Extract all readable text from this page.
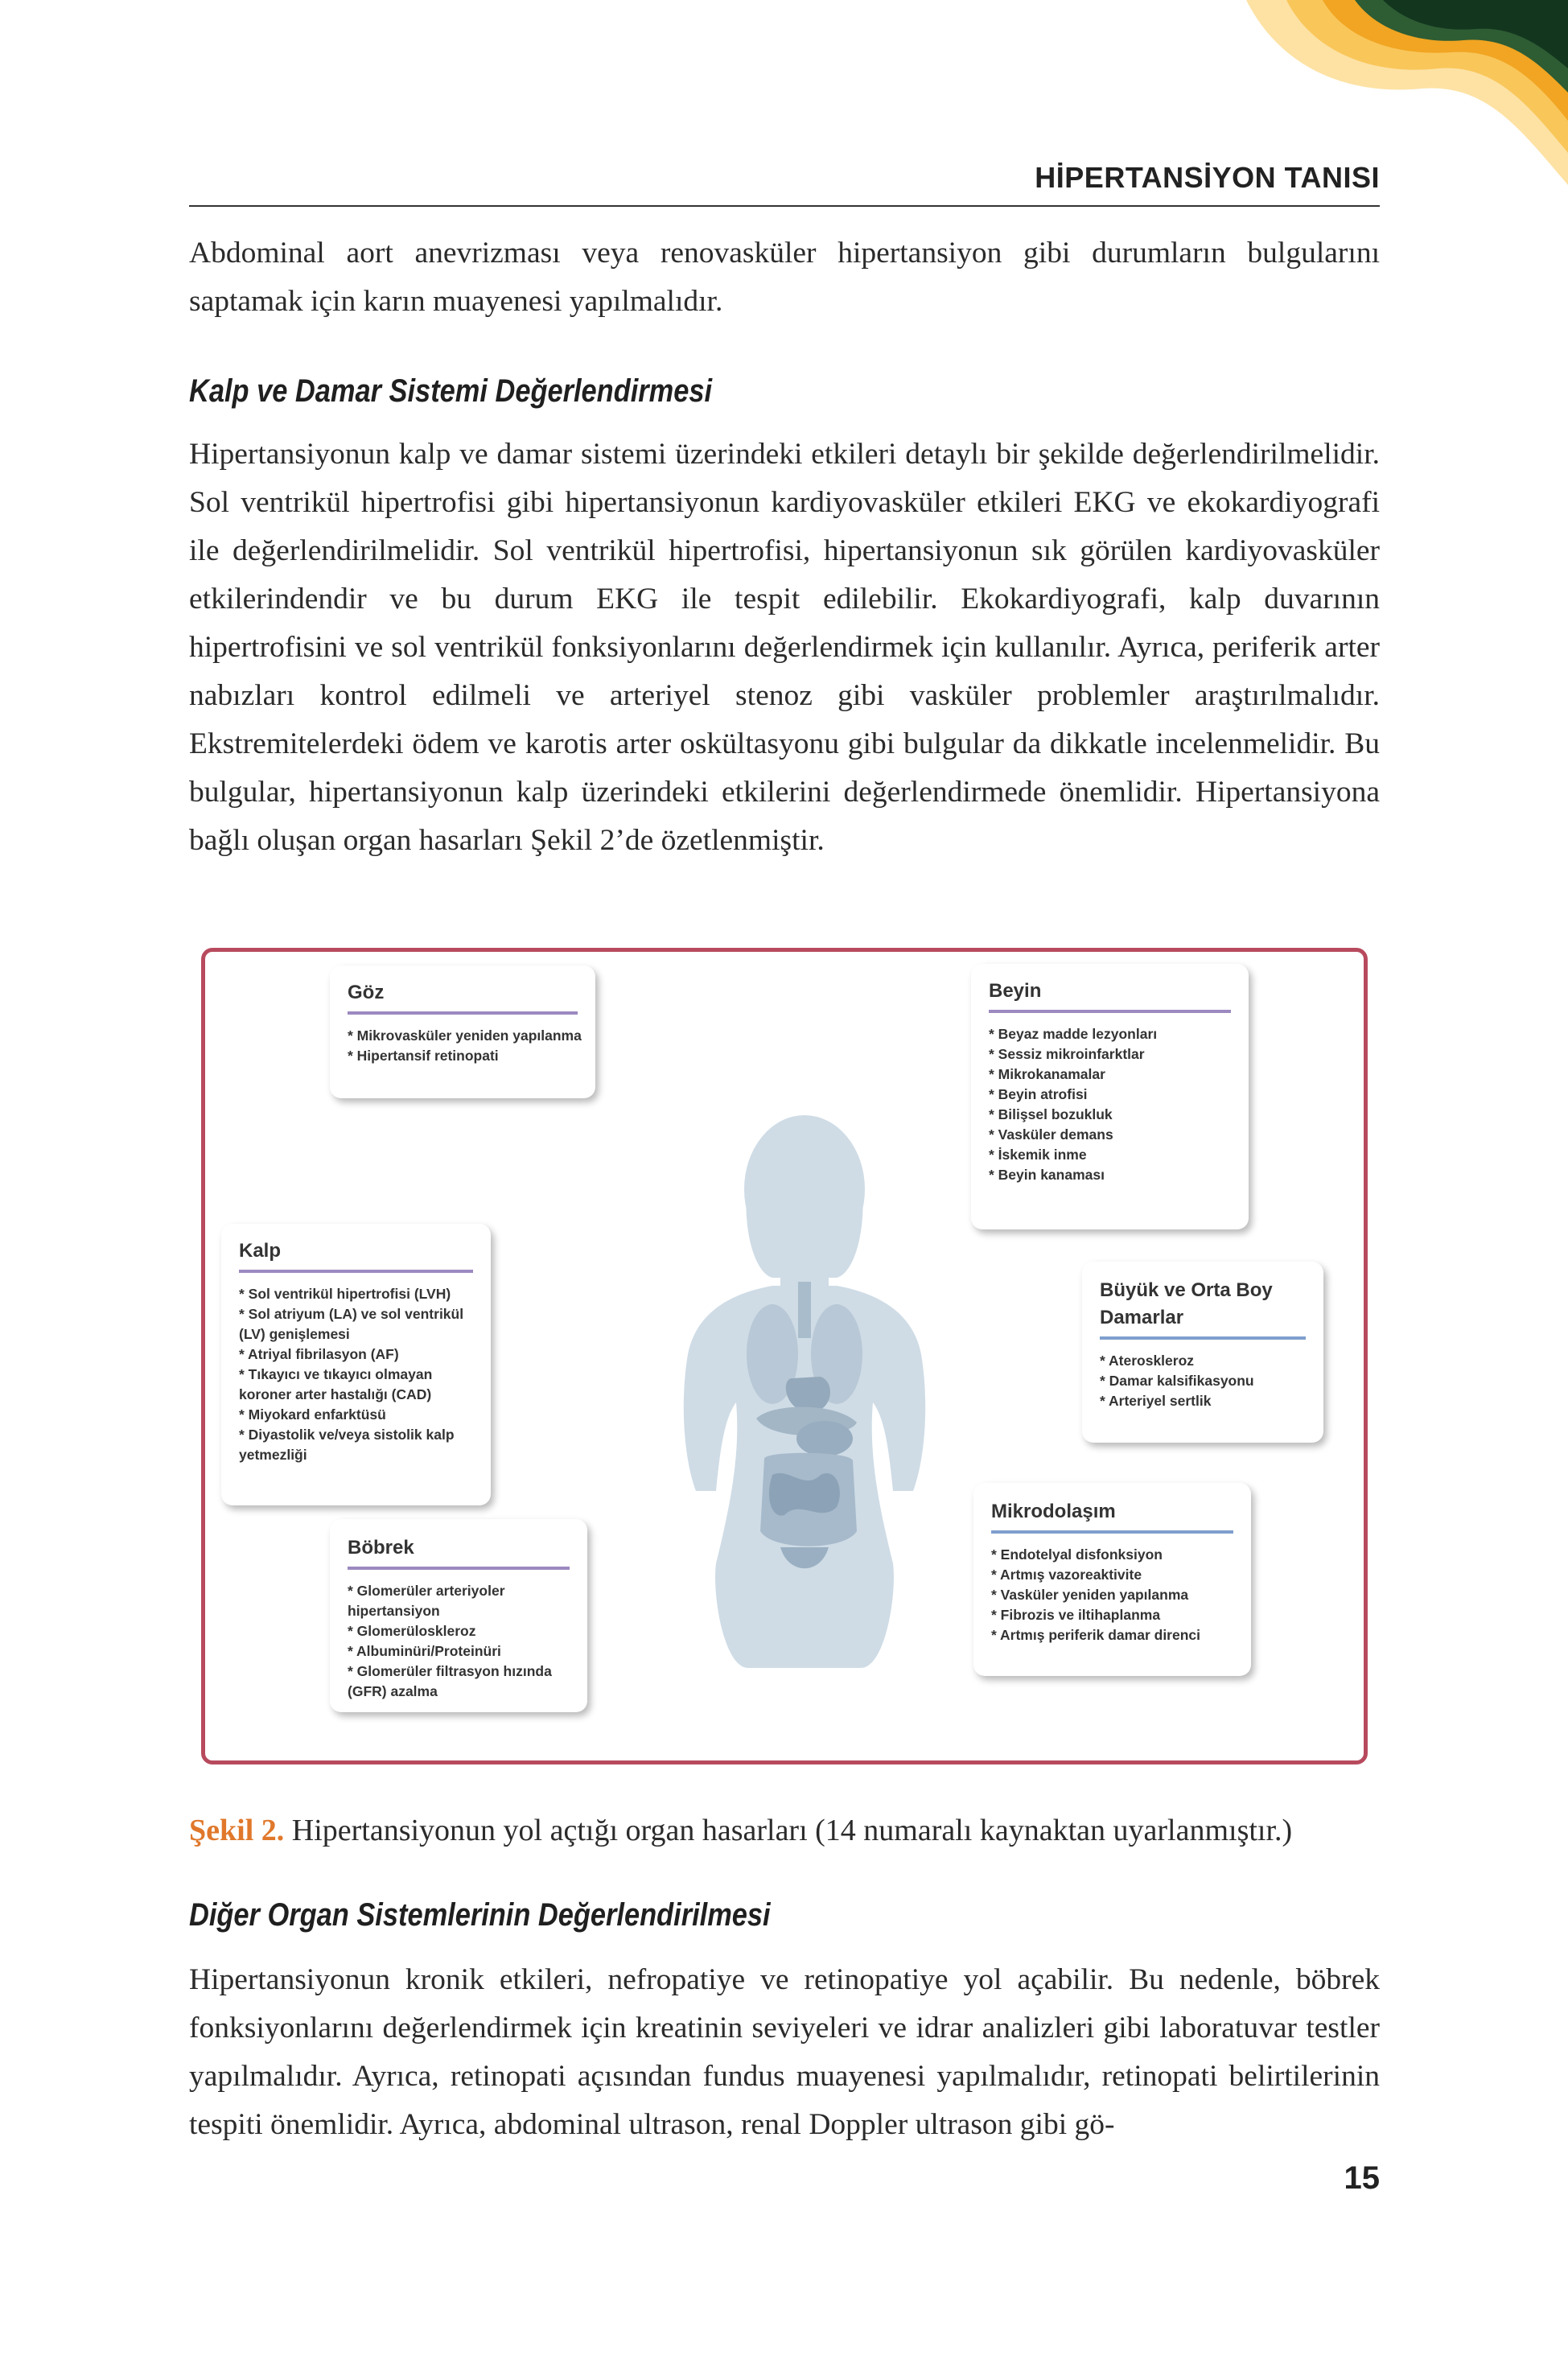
HİPERTANSİYON TANISI

Abdominal aort anevrizması veya renovasküler hipertansiyon gibi durumların bulgularını saptamak için karın muayenesi yapılmalıdır.

Kalp ve Damar Sistemi Değerlendirmesi

Hipertansiyonun kalp ve damar sistemi üzerindeki etkileri detaylı bir şekilde değerlendirilmelidir. Sol ventrikül hipertrofisi gibi hipertansiyonun kardiyovasküler etkileri EKG ve ekokardiyografi ile değerlendirilmelidir. Sol ventrikül hipertrofisi, hipertansiyonun sık görülen kardiyovasküler etkilerindendir ve bu durum EKG ile tespit edilebilir. Ekokardiyografi, kalp duvarının hipertrofisini ve sol ventrikül fonksiyonlarını değerlendirmek için kullanılır. Ayrıca, periferik arter nabızları kontrol edilmeli ve arteriyel stenoz gibi vasküler problemler araştırılmalıdır. Ekstremitelerdeki ödem ve karotis arter oskültasyonu gibi bulgular da dikkatle incelenmelidir. Bu bulgular, hipertansiyonun kalp üzerindeki etkilerini değerlendirmede önemlidir. Hipertansiyona bağlı oluşan organ hasarları Şekil 2’de özetlenmiştir.

Göz

* Mikrovasküler yeniden yapılanma
* Hipertansif retinopati

Beyin

* Beyaz madde lezyonları
* Sessiz mikroinfarktlar
* Mikrokanamalar
* Beyin atrofisi
* Bilişsel bozukluk
* Vasküler demans
* İskemik inme
* Beyin kanaması

Kalp

* Sol ventrikül hipertrofisi (LVH)
* Sol atriyum (LA) ve sol ventrikül
(LV) genişlemesi
* Atriyal fibrilasyon (AF)
* Tıkayıcı ve tıkayıcı olmayan
koroner arter hastalığı (CAD)
* Miyokard enfarktüsü
* Diyastolik ve/veya sistolik kalp
yetmezliği

Büyük ve Orta Boy

Damarlar

* Ateroskleroz
* Damar kalsifikasyonu
* Arteriyel sertlik

Böbrek

* Glomerüler arteriyoler
hipertansiyon
* Glomerüloskleroz
* Albuminüri/Proteinüri
* Glomerüler filtrasyon hızında
(GFR) azalma

Mikrodolaşım

* Endotelyal disfonksiyon
* Artmış vazoreaktivite
* Vasküler yeniden yapılanma
* Fibrozis ve iltihaplanma
* Artmış periferik damar direnci

Şekil 2. Hipertansiyonun yol açtığı organ hasarları (14 numaralı kaynaktan uyarlanmıştır.)

Diğer Organ Sistemlerinin Değerlendirilmesi

Hipertansiyonun kronik etkileri, nefropatiye ve retinopatiye yol açabilir. Bu nedenle, böbrek fonksiyonlarını değerlendirmek için kreatinin seviyeleri ve idrar analizleri gibi laboratuvar testler yapılmalıdır. Ayrıca, retinopati açısından fundus muayenesi yapılmalıdır, retinopati belirtilerinin tespiti önemlidir. Ayrıca, abdominal ultrason, renal Doppler ultrason gibi gö-

15
